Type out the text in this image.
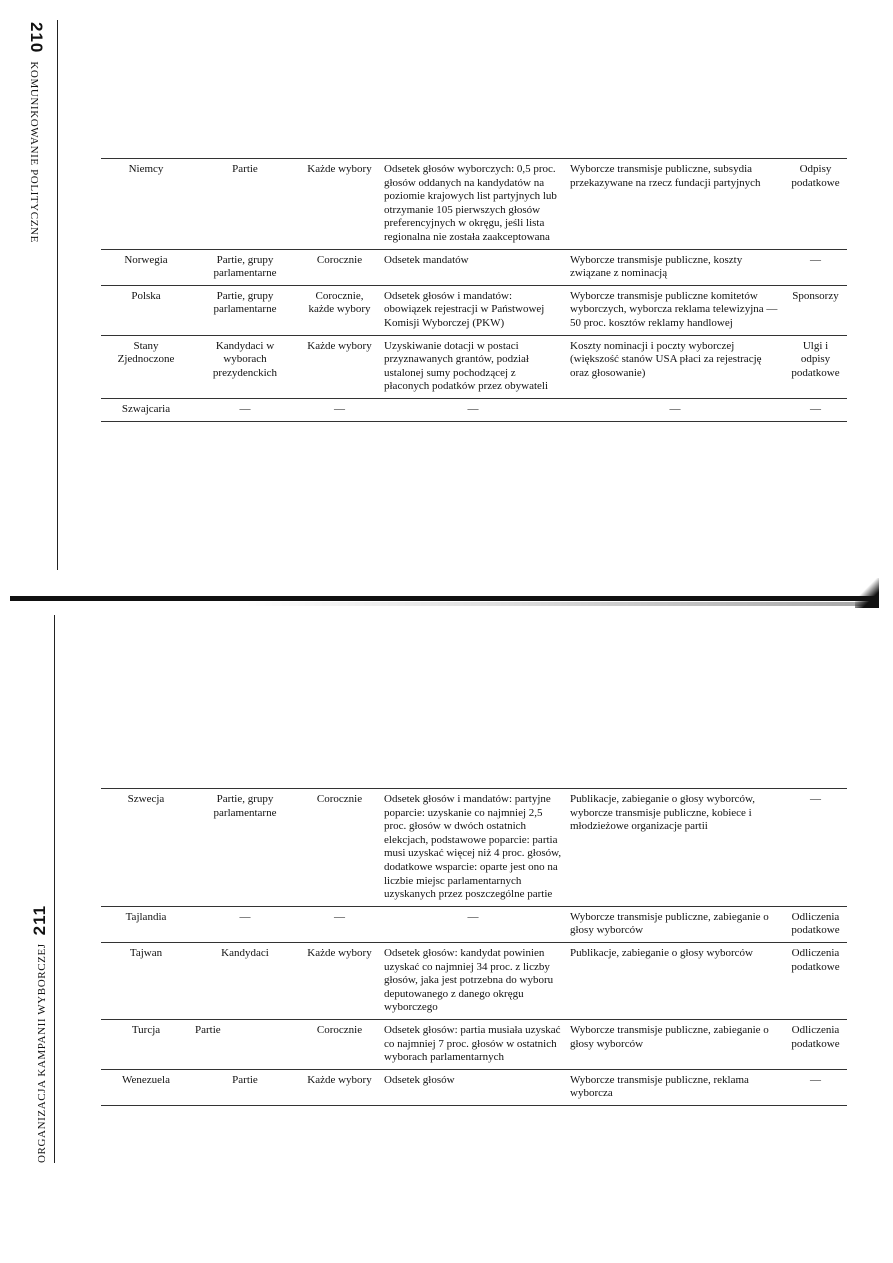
210
KOMUNIKOWANIE POLITYCZNE
211
ORGANIZACJA KAMPANII WYBORCZEJ
Niemcy	Partie	Każde wybory	Odsetek głosów wyborczych: 0,5 proc. głosów oddanych na kandydatów na poziomie krajowych list partyjnych lub otrzymanie 105 pierwszych głosów preferencyjnych w okręgu, jeśli lista regionalna nie została zaakceptowana	Wyborcze transmisje publiczne, subsydia przekazywane na rzecz fundacji partyjnych	Odpisy podatkowe
Norwegia	Partie, grupy parlamentarne	Corocznie	Odsetek mandatów	Wyborcze transmisje publiczne, koszty związane z nominacją	—
Polska	Partie, grupy parlamentarne	Corocznie, każde wybory	Odsetek głosów i mandatów: obowiązek rejestracji w Państwowej Komisji Wyborczej (PKW)	Wyborcze transmisje publiczne komitetów wyborczych, wyborcza reklama telewizyjna — 50 proc. kosztów reklamy handlowej	Sponsorzy
Stany Zjednoczone	Kandydaci w wyborach prezydenckich	Każde wybory	Uzyskiwanie dotacji w postaci przyznawanych grantów, podział ustalonej sumy pochodzącej z płaconych podatków przez obywateli	Koszty nominacji i poczty wyborczej (większość stanów USA płaci za rejestrację oraz głosowanie)	Ulgi i odpisy podatkowe
Szwajcaria	—	—	—	—	—
Szwecja	Partie, grupy parlamentarne	Corocznie	Odsetek głosów i mandatów: partyjne poparcie: uzyskanie co najmniej 2,5 proc. głosów w dwóch ostatnich elekcjach, podstawowe poparcie: partia musi uzyskać więcej niż 4 proc. głosów, dodatkowe wsparcie: oparte jest ono na liczbie miejsc parlamentarnych uzyskanych przez poszczególne partie	Publikacje, zabieganie o głosy wyborców, wyborcze transmisje publiczne, kobiece i młodzieżowe organizacje partii	—
Tajlandia	—	—	—	Wyborcze transmisje publiczne, zabieganie o głosy wyborców	Odliczenia podatkowe
Tajwan	Kandydaci	Każde wybory	Odsetek głosów: kandydat powinien uzyskać co najmniej 34 proc. z liczby głosów, jaka jest potrzebna do wyboru deputowanego z danego okręgu wyborczego	Publikacje, zabieganie o głosy wyborców	Odliczenia podatkowe
Turcja	Partie	Corocznie	Odsetek głosów: partia musiała uzyskać co najmniej 7 proc. głosów w ostatnich wyborach parlamentarnych	Wyborcze transmisje publiczne, zabieganie o głosy wyborców	Odliczenia podatkowe
Wenezuela	Partie	Każde wybory	Odsetek głosów	Wyborcze transmisje publiczne, reklama wyborcza	—
